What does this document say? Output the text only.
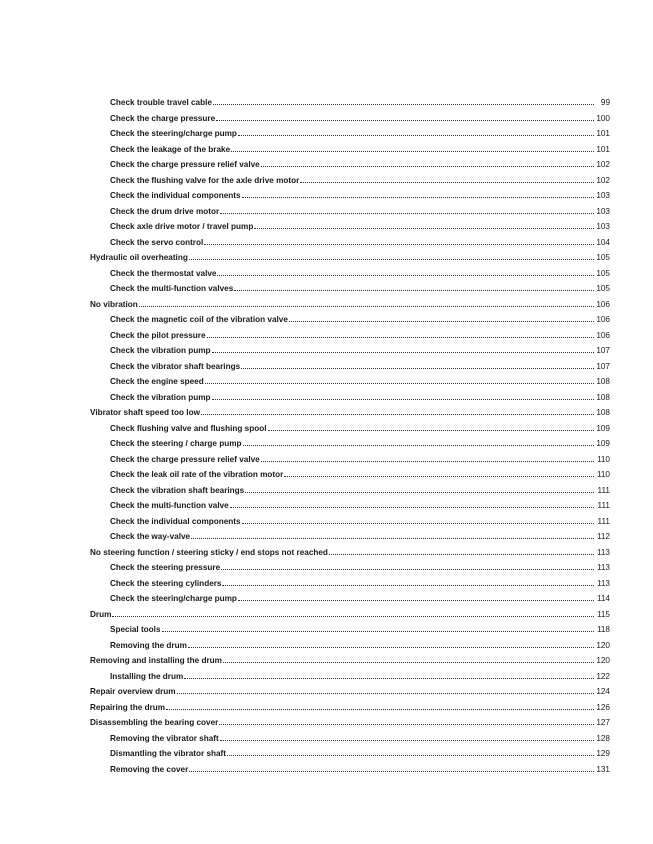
Check trouble travel cable	99
Check the charge pressure	100
Check the steering/charge pump	101
Check the leakage of the brake	101
Check the charge pressure relief valve	102
Check the flushing valve for the axle drive motor	102
Check the individual components	103
Check the drum drive motor	103
Check axle drive motor / travel pump	103
Check the servo control	104
Hydraulic oil overheating	105
Check the thermostat valve	105
Check the multi-function valves	105
No vibration	106
Check the magnetic coil of the vibration valve	106
Check the pilot pressure	106
Check the vibration pump	107
Check the vibrator shaft bearings	107
Check the engine speed	108
Check the vibration pump	108
Vibrator shaft speed too low	108
Check flushing valve and flushing spool	109
Check the steering / charge pump	109
Check the charge pressure relief valve	110
Check the leak oil rate of the vibration motor	110
Check the vibration shaft bearings	111
Check the multi-function valve	111
Check the individual components	111
Check the way-valve	112
No steering function / steering sticky / end stops not reached	113
Check the steering pressure	113
Check the steering cylinders	113
Check the steering/charge pump	114
Drum	115
Special tools	118
Removing the drum	120
Removing and installing the drum	120
Installing the drum	122
Repair overview drum	124
Repairing the drum	126
Disassembling the bearing cover	127
Removing the vibrator shaft	128
Dismantling the vibrator shaft	129
Removing the cover	131
